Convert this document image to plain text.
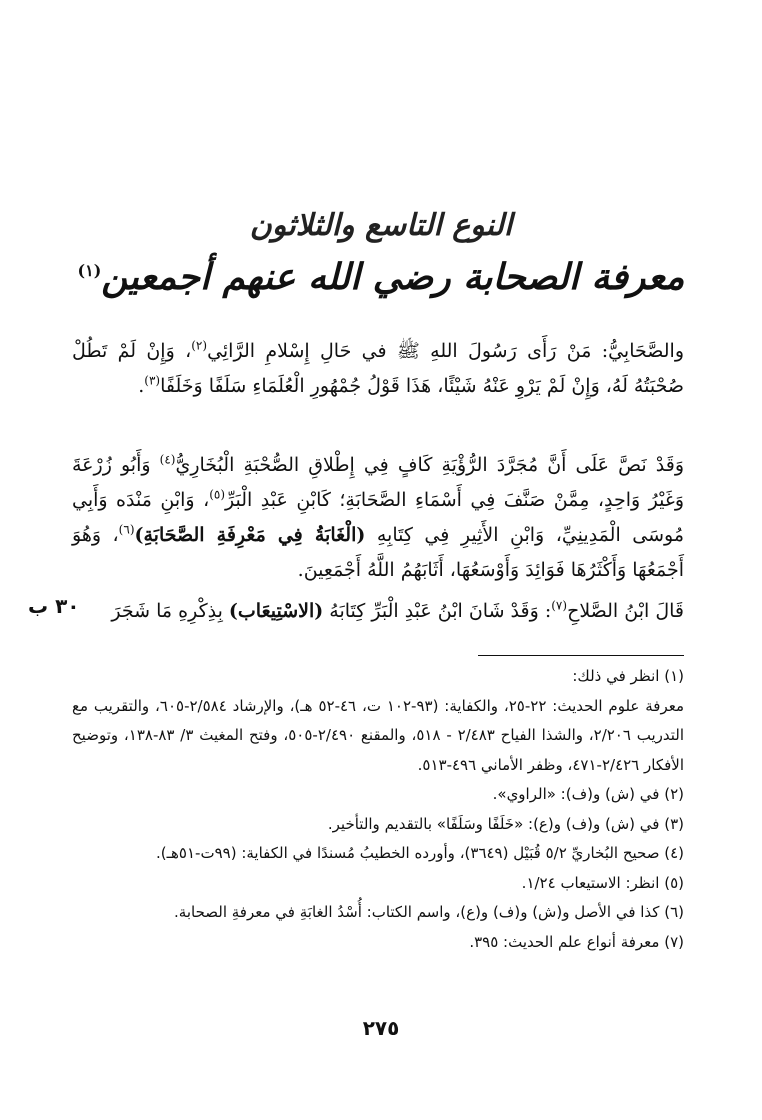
النوع التاسع والثلاثون
معرفة الصحابة رضي الله عنهم أجمعين$^{(١)}$
والصَّحَابِيُّ: مَنْ رَأَى رَسُولَ اللهِ ﷺ في حَالِ إِسْلامِ الرَّائِي$^{(٢)}$، وَإِنْ لَمْ تَطُلْ صُحْبَتُهُ لَهُ، وَإِنْ لَمْ يَرْوِ عَنْهُ شَيْئًا، هَذَا قَوْلُ جُمْهُورِ الْعُلَمَاءِ سَلَفًا وَخَلَفًا$^{(٣)}$.
وَقَدْ نَصَّ عَلَى أَنَّ مُجَرَّدَ الرُّؤْيَةِ كَافٍ فِي إِطْلاقِ الصُّحْبَةِ الْبُخَارِيُّ$^{(٤)}$ وَأَبُو زُرْعَةَ وَغَيْرُ وَاحِدٍ، مِمَّنْ صَنَّفَ فِي أَسْمَاءِ الصَّحَابَةِ؛ كَابْنِ عَبْدِ الْبَرِّ$^{(٥)}$، وَابْنِ مَنْدَه وَأَبِي مُوسَى الْمَدِينِيِّ، وَابْنِ الأَثِيرِ فِي كِتَابِهِ (الْغَابَةُ فِي مَعْرِفَةِ الصَّحَابَةِ)$^{(٦)}$، وَهُوَ أَجْمَعُهَا وَأَكْثَرُهَا فَوَائِدَ وَأَوْسَعُهَا، أَثَابَهُمُ اللَّهُ أَجْمَعِينَ.
قَالَ ابْنُ الصَّلاحِ$^{(٧)}$: وَقَدْ شَانَ ابْنُ عَبْدِ الْبَرِّ كِتَابَهُ (الاسْتِيعَاب) بِذِكْرِهِ مَا شَجَرَ
٣٠ ب
(١) انظر في ذلك:
معرفة علوم الحديث: ٢٢-٢٥، والكفاية: (٩٣-١٠٢ ت، ٤٦-٥٢ هـ)، والإرشاد ٢/٥٨٤-٦٠٥، والتقريب مع التدريب ٢/٢٠٦، والشذا الفياح ٢/٤٨٣ - ٥١٨، والمقنع ٢/٤٩٠-٥٠٥، وفتح المغيث ٣/ ٨٣-١٣٨، وتوضيح الأفكار ٢/٤٢٦-٤٧١، وظفر الأماني ٤٩٦-٥١٣.
(٢) في (ش) و(ف): «الراوي».
(٣) في (ش) و(ف) و(ع): «خَلَفًا وسَلَفًا» بالتقديم والتأخير.
(٤) صحيح البُخاريِّ ٥/٢ قُبَيْل (٣٦٤٩)، وأورده الخطيبُ مُسندًا في الكفاية: (٩٩ت-٥١هـ).
(٥) انظر: الاستيعاب ١/٢٤.
(٦) كذا في الأصل و(ش) و(ف) و(ع)، واسم الكتاب: أُسْدُ الغابَةِ في معرفةِ الصحابة.
(٧) معرفة أنواع علم الحديث: ٣٩٥.
٢٧٥
